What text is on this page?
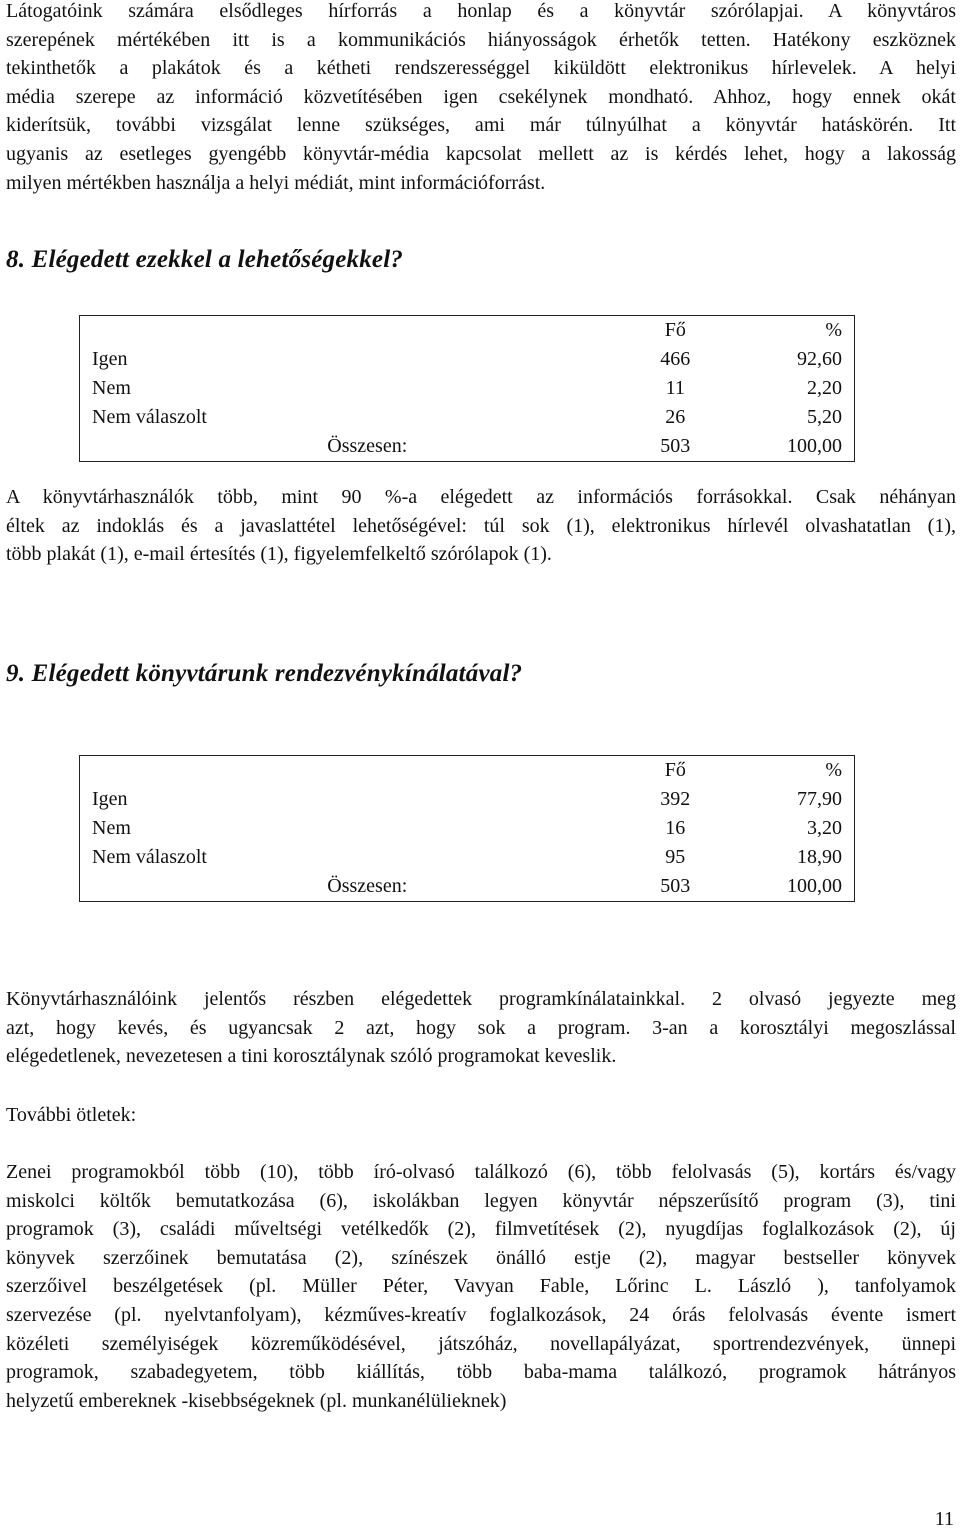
Látogatóink számára elsődleges hírforrás a honlap és a könyvtár szórólapjai. A könyvtáros
szerepének mértékében itt is a kommunikációs hiányosságok érhetők tetten. Hatékony eszköznek
tekinthetők a plakátok és a kétheti rendszerességgel kiküldött elektronikus hírlevelek. A helyi
média szerepe az információ közvetítésében igen csekélynek mondható. Ahhoz, hogy ennek okát
kiderítsük, további vizsgálat lenne szükséges, ami már túlnyúlhat a könyvtár hatáskörén. Itt
ugyanis az esetleges gyengébb könyvtár-média kapcsolat mellett az is kérdés lehet, hogy a lakosság
milyen mértékben használja a helyi médiát, mint információforrást.

8. Elégedett ezekkel a lehetőségekkel?
	Fő	%
Igen	466	92,60
Nem	11	2,20
Nem válaszolt	26	5,20
Összesen:	503	100,00

A könyvtárhasználók több, mint 90 %-a elégedett az információs forrásokkal. Csak néhányan
éltek az indoklás és a javaslattétel lehetőségével: túl sok (1), elektronikus hírlevél olvashatatlan (1),
több plakát (1), e-mail értesítés (1), figyelemfelkeltő szórólapok (1).

9. Elégedett könyvtárunk rendezvénykínálatával?
	Fő	%
Igen	392	77,90
Nem	16	3,20
Nem válaszolt	95	18,90
Összesen:	503	100,00

Könyvtárhasználóink jelentős részben elégedettek programkínálatainkkal. 2 olvasó jegyezte meg
azt, hogy kevés, és ugyancsak 2 azt, hogy sok a program. 3-an a korosztályi megoszlással
elégedetlenek, nevezetesen a tini korosztálynak szóló programokat keveslik.

További ötletek:

Zenei programokból több (10), több író-olvasó találkozó (6), több felolvasás (5), kortárs és/vagy
miskolci költők bemutatkozása (6), iskolákban legyen könyvtár népszerűsítő program (3), tini
programok (3), családi műveltségi vetélkedők (2), filmvetítések (2), nyugdíjas foglalkozások (2), új
könyvek szerzőinek bemutatása (2), színészek önálló estje (2), magyar bestseller könyvek
szerzőivel beszélgetések (pl. Müller Péter, Vavyan Fable, Lőrinc L. László ), tanfolyamok
szervezése (pl. nyelvtanfolyam), kézműves-kreatív foglalkozások, 24 órás felolvasás évente ismert
közéleti személyiségek közreműködésével, játszóház, novellapályázat, sportrendezvények, ünnepi
programok, szabadegyetem, több kiállítás, több baba-mama találkozó, programok hátrányos
helyzetű embereknek -kisebbségeknek (pl. munkanélülieknek)

11
